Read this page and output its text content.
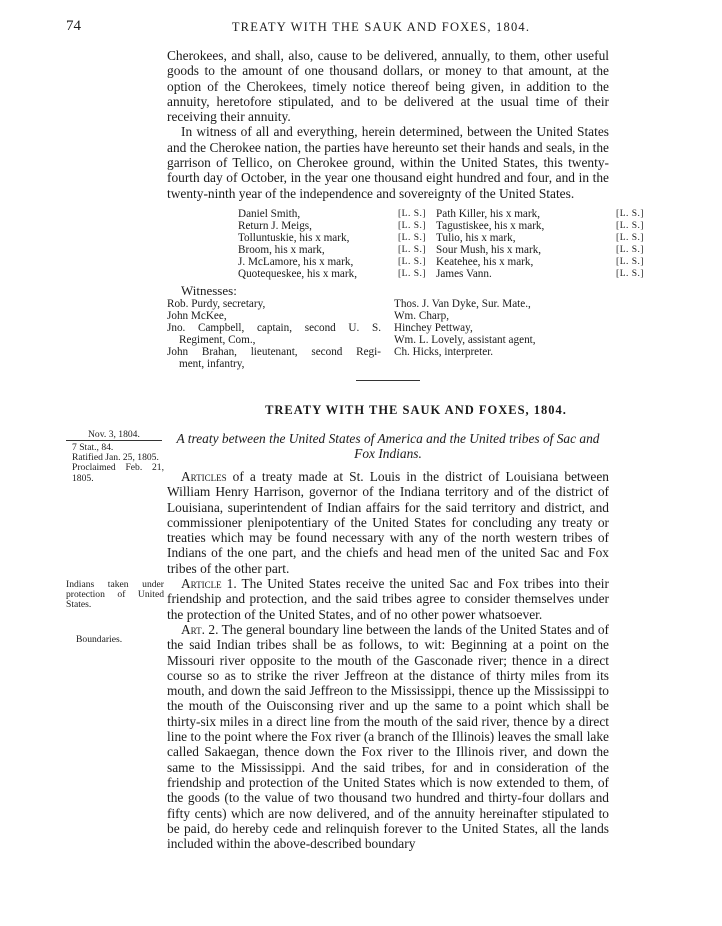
74	TREATY WITH THE SAUK AND FOXES, 1804.

Cherokees, and shall, also, cause to be delivered, annually, to them, other useful goods to the amount of one thousand dollars, or money to that amount, at the option of the Cherokees, timely notice thereof being given, in addition to the annuity, heretofore stipulated, and to be delivered at the usual time of their receiving their annuity.

In witness of all and everything, herein determined, between the United States and the Cherokee nation, the parties have hereunto set their hands and seals, in the garrison of Tellico, on Cherokee ground, within the United States, this twenty-fourth day of October, in the year one thousand eight hundred and four, and in the twenty-ninth year of the independence and sovereignty of the United States.

Daniel Smith,	[L. S.]	Path Killer, his x mark,	[L. S.]
Return J. Meigs,	[L. S.]	Tagustiskee, his x mark,	[L. S.]
Tolluntuskie, his x mark,	[L. S.]	Tulio, his x mark,	[L. S.]
Broom, his x mark,	[L. S.]	Sour Mush, his x mark,	[L. S.]
J. McLamore, his x mark,	[L. S.]	Keatehee, his x mark,	[L. S.]
Quotequeskee, his x mark,	[L. S.]	James Vann.	[L. S.]
Witnesses:
Rob. Purdy, secretary,
John McKee,
Jno. Campbell, captain, second U. S.
Regiment, Com.,
John Brahan, lieutenant, second Regi-
ment, infantry,
Thos. J. Van Dyke, Sur. Mate.,
Wm. Charp,
Hinchey Pettway,
Wm. L. Lovely, assistant agent,
Ch. Hicks, interpreter.
TREATY WITH THE SAUK AND FOXES, 1804.
Nov. 3, 1804.
7 Stat., 84.
Ratified Jan. 25, 1805.
Proclaimed Feb. 21, 1805.
Indians taken under protection of United States.
Boundaries.
A treaty between the United States of America and the United tribes of Sac and Fox Indians.

Articles of a treaty made at St. Louis in the district of Louisiana between William Henry Harrison, governor of the Indiana territory and of the district of Louisiana, superintendent of Indian affairs for the said territory and district, and commissioner plenipotentiary of the United States for concluding any treaty or treaties which may be found necessary with any of the north western tribes of Indians of the one part, and the chiefs and head men of the united Sac and Fox tribes of the other part.

Article 1. The United States receive the united Sac and Fox tribes into their friendship and protection, and the said tribes agree to consider themselves under the protection of the United States, and of no other power whatsoever.

Art. 2. The general boundary line between the lands of the United States and of the said Indian tribes shall be as follows, to wit: Beginning at a point on the Missouri river opposite to the mouth of the Gasconade river; thence in a direct course so as to strike the river Jeffreon at the distance of thirty miles from its mouth, and down the said Jeffreon to the Mississippi, thence up the Mississippi to the mouth of the Ouisconsing river and up the same to a point which shall be thirty-six miles in a direct line from the mouth of the said river, thence by a direct line to the point where the Fox river (a branch of the Illinois) leaves the small lake called Sakaegan, thence down the Fox river to the Illinois river, and down the same to the Mississippi. And the said tribes, for and in consideration of the friendship and protection of the United States which is now extended to them, of the goods (to the value of two thousand two hundred and thirty-four dollars and fifty cents) which are now delivered, and of the annuity hereinafter stipulated to be paid, do hereby cede and relinquish forever to the United States, all the lands included within the above-described boundary
